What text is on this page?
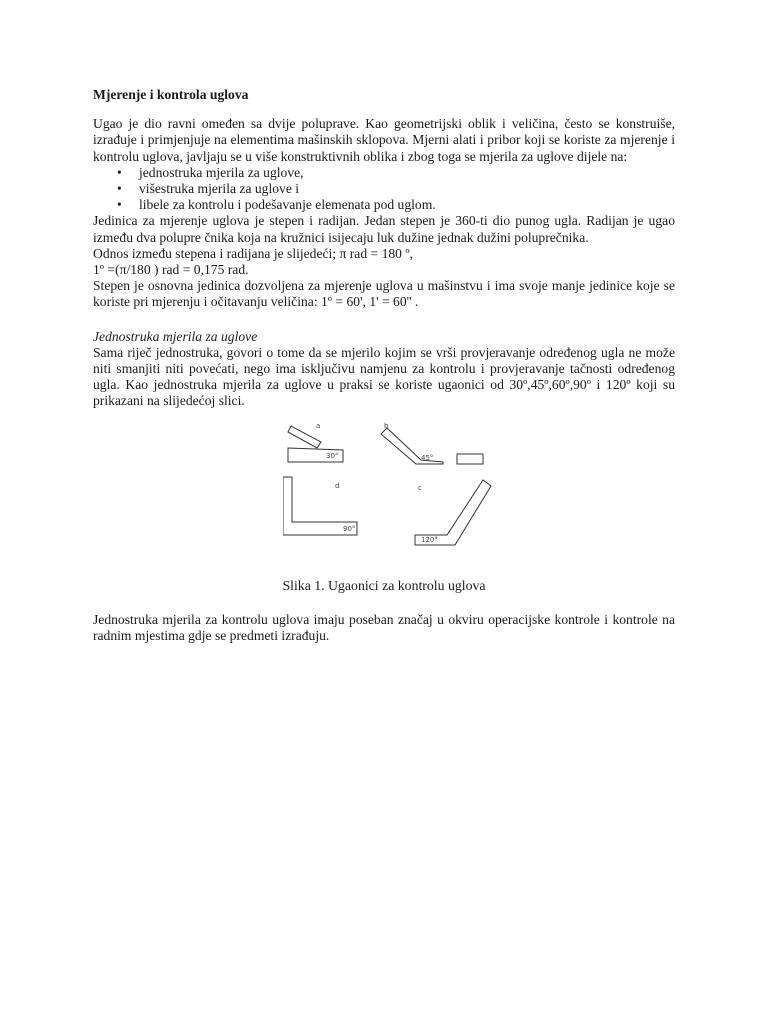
Mjerenje i kontrola uglova

Ugao je dio ravni omeđen sa dvije poluprave. Kao geometrijski oblik i veličina, često se konstruiše, izrađuje i primjenjuje na elementima mašinskih sklopova. Mjerni alati i pribor koji se koriste za mjerenje i kontrolu uglova, javljaju se u više konstruktivnih oblika i zbog toga se mjerila za uglove dijele na:

• jednostruka mjerila za uglove,
• višestruka mjerila za uglove i
• libele za kontrolu i podešavanje elemenata pod uglom.

Jedinica za mjerenje uglova je stepen i radijan. Jedan stepen je 360-ti dio punog ugla. Radijan je ugao između dva polupre čnika koja na kružnici isijecaju luk dužine jednak dužini poluprečnika.

Odnos između stepena i radijana je slijedeći; π rad = 180 º,

1º =(π/180 ) rad = 0,175 rad.

Stepen je osnovna jedinica dozvoljena za mjerenje uglova u mašinstvu i ima svoje manje jedinice koje se koriste pri mjerenju i očitavanju veličina: 1º = 60', 1' = 60'' .

Jednostruka mjerila za uglove

Sama riječ jednostruka, govori o tome da se mjerilo kojim se vrši provjeravanje određenog ugla ne može niti smanjiti niti povećati, nego ima isključivu namjenu za kontrolu i provjeravanje tačnosti određenog ugla. Kao jednostruka mjerila za uglove u praksi se koriste ugaonici od 30º,45º,60º,90º i 120º koji su prikazani na slijedećoj slici.

a	b
d	c
30°	45°
90°
120°

Slika 1. Ugaonici za kontrolu uglova

Jednostruka mjerila za kontrolu uglova imaju poseban značaj u okviru operacijske kontrole i kontrole na radnim mjestima gdje se predmeti izrađuju.
